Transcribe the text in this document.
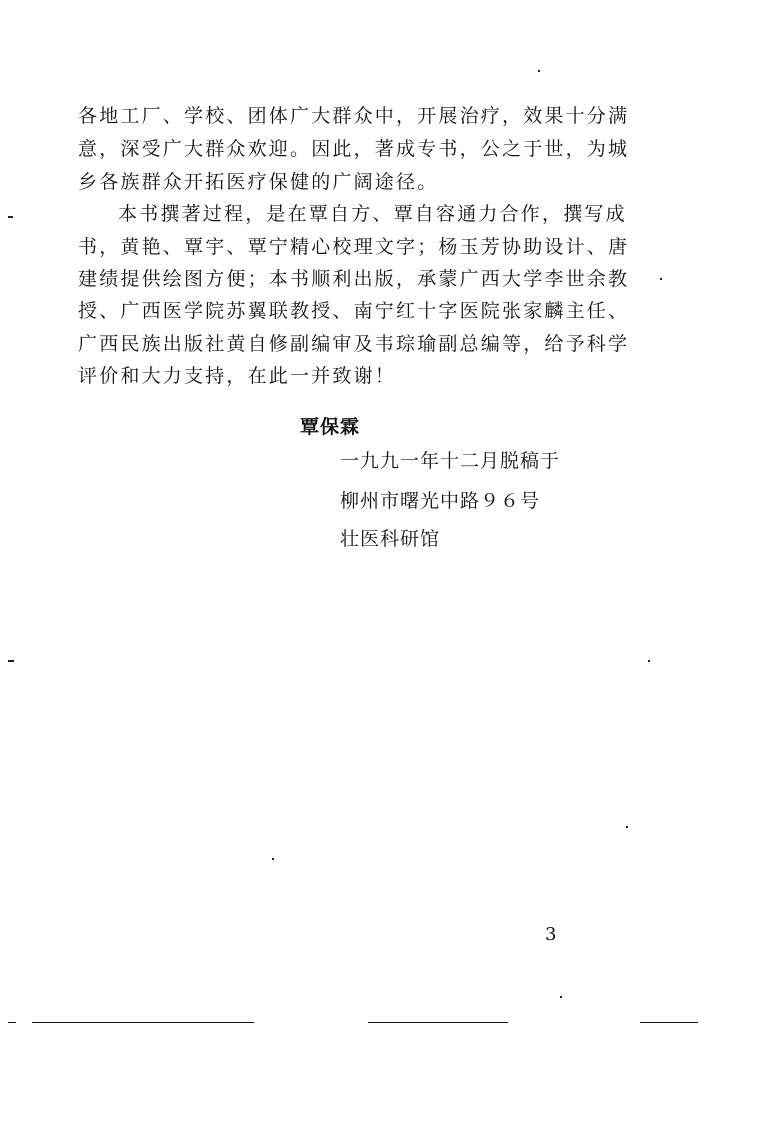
各地工厂、学校、团体广大群众中，开展治疗，效果十分满
意，深受广大群众欢迎。因此，著成专书，公之于世，为城
乡各族群众开拓医疗保健的广阔途径。
本书撰著过程，是在覃自方、覃自容通力合作，撰写成
书，黄艳、覃宇、覃宁精心校理文字；杨玉芳协助设计、唐
建绩提供绘图方便；本书顺利出版，承蒙广西大学李世余教
授、广西医学院苏翼联教授、南宁红十字医院张家麟主任、
广西民族出版社黄自修副编审及韦琮瑜副总编等，给予科学
评价和大力支持，在此一并致谢！
覃保霖
一九九一年十二月脱稿于
柳州市曙光中路９６号
壮医科研馆
3
